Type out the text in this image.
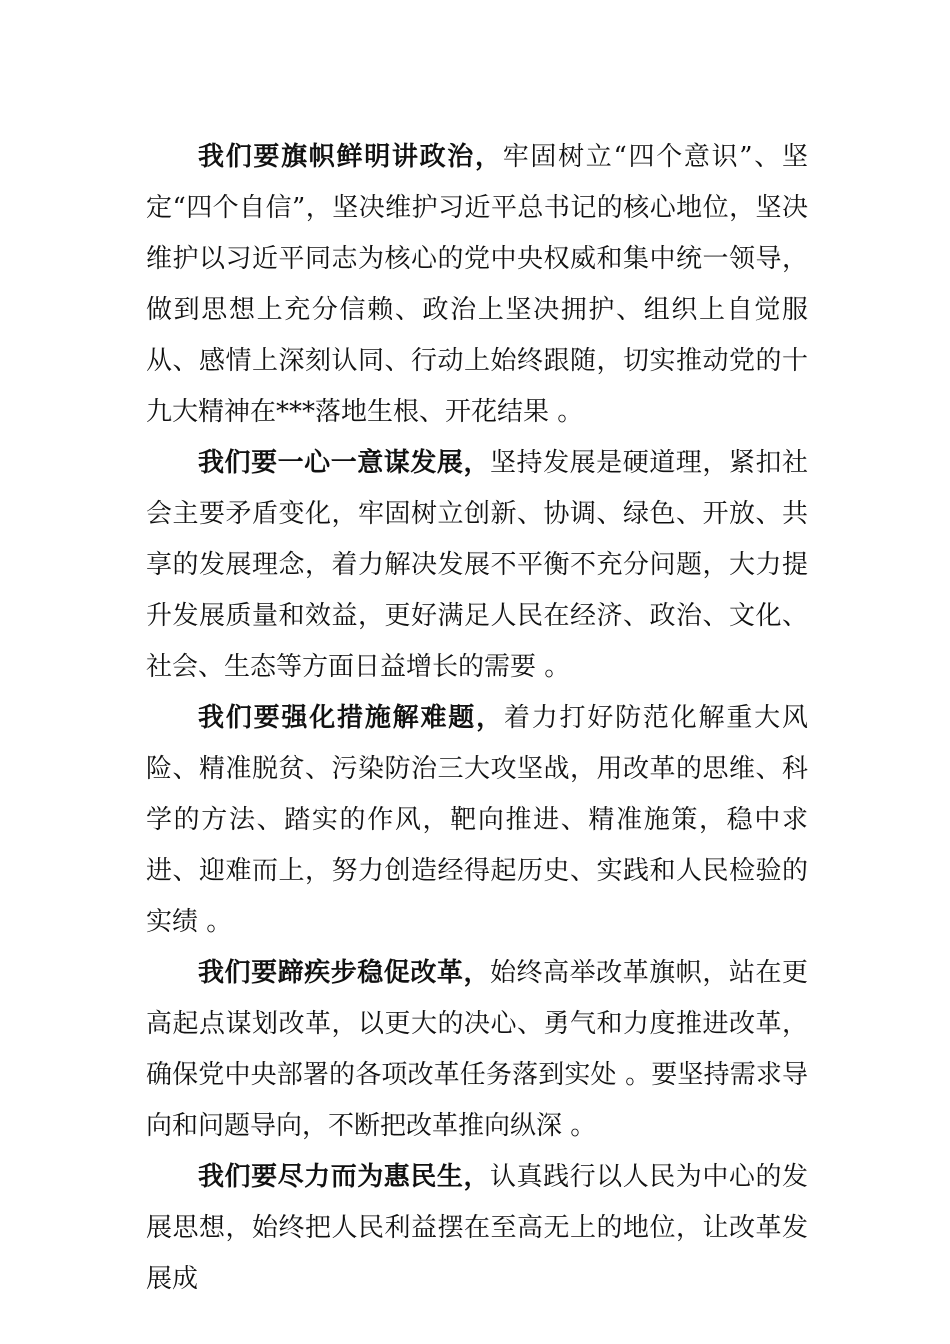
我们要旗帜鲜明讲政治，牢固树立“四个意识”、坚定“四个自信”，坚决维护习近平总书记的核心地位，坚决维护以习近平同志为核心的党中央权威和集中统一领导，做到思想上充分信赖、政治上坚决拥护、组织上自觉服从、感情上深刻认同、行动上始终跟随，切实推动党的十九大精神在***落地生根、开花结果 。

我们要一心一意谋发展，坚持发展是硬道理，紧扣社会主要矛盾变化，牢固树立创新、协调、绿色、开放、共享的发展理念，着力解决发展不平衡不充分问题，大力提升发展质量和效益，更好满足人民在经济、政治、文化、社会、生态等方面日益增长的需要 。

我们要强化措施解难题，着力打好防范化解重大风险、精准脱贫、污染防治三大攻坚战，用改革的思维、科学的方法、踏实的作风，靶向推进、精准施策，稳中求进、迎难而上，努力创造经得起历史、实践和人民检验的实绩 。

我们要蹄疾步稳促改革，始终高举改革旗帜，站在更高起点谋划改革，以更大的决心、勇气和力度推进改革，确保党中央部署的各项改革任务落到实处 。要坚持需求导向和问题导向，不断把改革推向纵深 。

我们要尽力而为惠民生，认真践行以人民为中心的发展思想，始终把人民利益摆在至高无上的地位，让改革发展成
